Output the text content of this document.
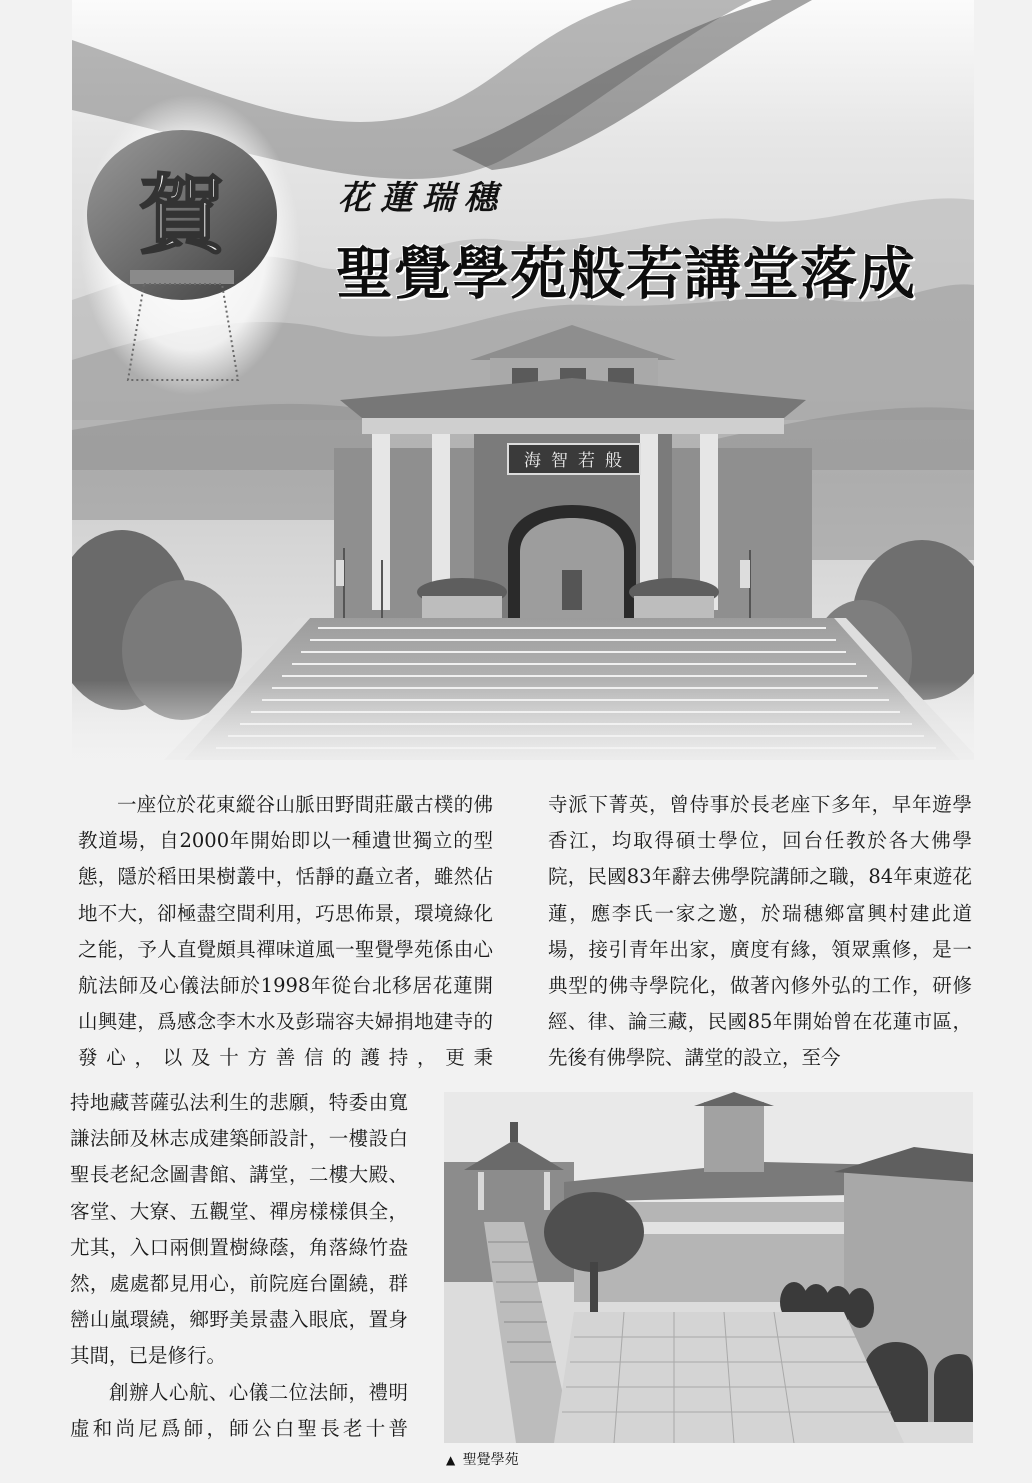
賀
海 智 若 般
花蓮瑞穗
聖覺學苑般若講堂落成

一座位於花東縱谷山脈田野間莊嚴古樸的佛教道場，自2000年開始即以一種遺世獨立的型態，隱於稻田果樹叢中，恬靜的矗立者，雖然佔地不大，卻極盡空間利用，巧思佈景，環境綠化之能，予人直覺頗具禪味道風一聖覺學苑係由心航法師及心儀法師於1998年從台北移居花蓮開山興建，爲感念李木水及彭瑞容夫婦捐地建寺的發心，以及十方善信的護持，更秉

寺派下菁英，曾侍事於長老座下多年，早年遊學香江，均取得碩士學位，回台任教於各大佛學院，民國83年辭去佛學院講師之職，84年東遊花蓮，應李氏一家之邀，於瑞穗鄉富興村建此道場，接引青年出家，廣度有緣，領眾熏修，是一典型的佛寺學院化，做著內修外弘的工作，研修經、律、論三藏，民國85年開始曾在花蓮市區，先後有佛學院、講堂的設立，至今

持地藏菩薩弘法利生的悲願，特委由寬謙法師及林志成建築師設計，一樓設白聖長老紀念圖書館、講堂，二樓大殿、客堂、大寮、五觀堂、禪房樣樣俱全，尤其，入口兩側置樹綠蔭，角落綠竹盎然，處處都見用心，前院庭台圍繞，群巒山嵐環繞，鄉野美景盡入眼底，置身其間，已是修行。

創辦人心航、心儀二位法師，禮明虛和尚尼爲師，師公白聖長老十普

▲ 聖覺學苑
